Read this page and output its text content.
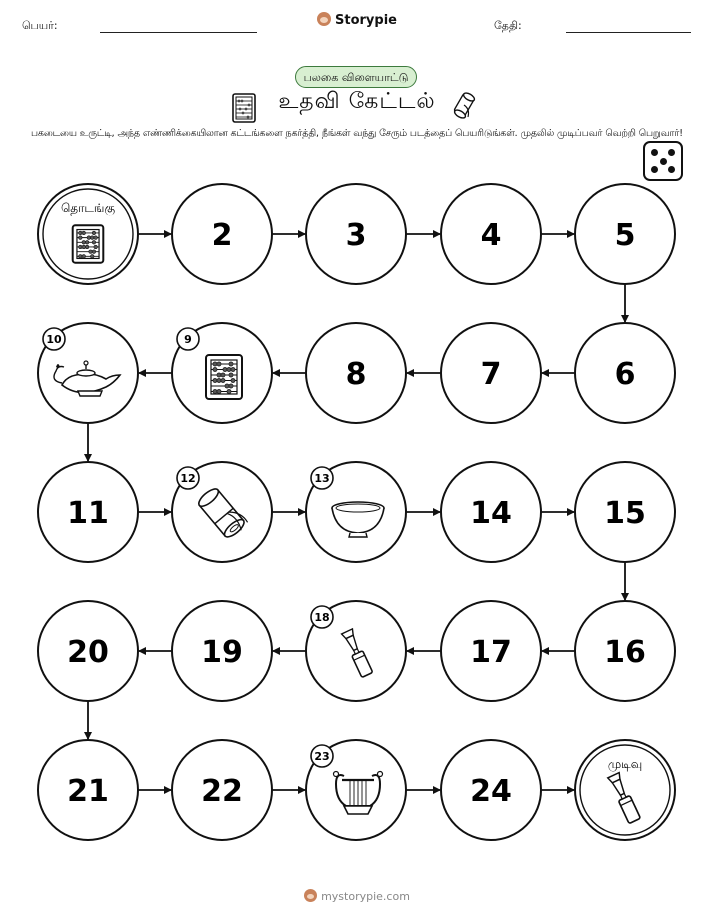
பெயர்:	Storypie	தேதி:
பலகை விளையாட்டு
உதவி கேட்டல்
பகடையை உருட்டி, அந்த எண்ணிக்கையிலான கட்டங்களை நகர்த்தி, நீங்கள் வந்து சேரும் படத்தைப் பெயரிடுங்கள். முதலில் முடிப்பவர் வெற்றி பெறுவார்!
தொடங்கு
2	3	4	5
6
7
8
9
10
11
12	13
14	15
16
17
18
19
20
21	22
23
24
முடிவு
mystorypie.com
